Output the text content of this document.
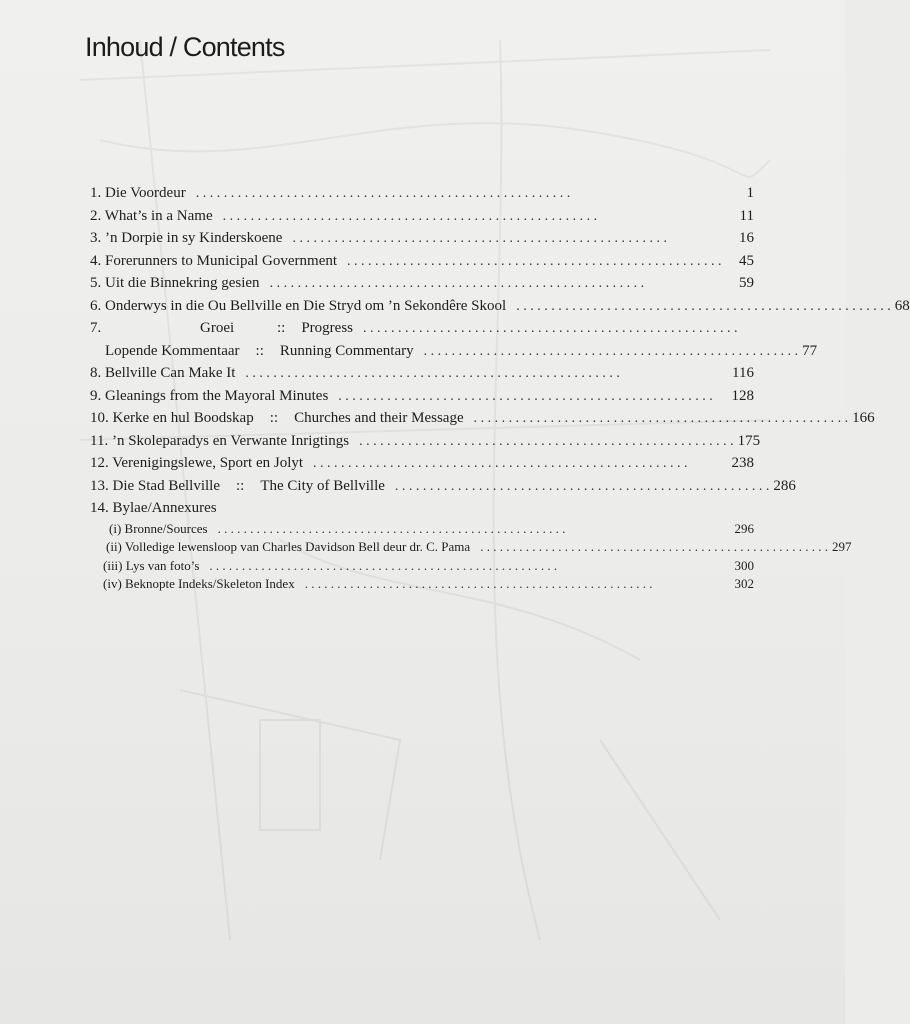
Inhoud / Contents
1. Die Voordeur . . . . . . . . . . . . . . . . . . . . . . . . . . . . . . . . . . . . . . . . . . . . . . . . . . . . . .	1
2. What’s in a Name . . . . . . . . . . . . . . . . . . . . . . . . . . . . . . . . . . . . . . . . . . . . . . . . . . . . . .	11
3. ’n Dorpie in sy Kinderskoene . . . . . . . . . . . . . . . . . . . . . . . . . . . . . . . . . . . . . . . . . . . . . . . . . . . . . .	16
4. Forerunners to Municipal Government . . . . . . . . . . . . . . . . . . . . . . . . . . . . . . . . . . . . . . . . . . . . . . . . . . . . . .	45
5. Uit die Binnekring gesien . . . . . . . . . . . . . . . . . . . . . . . . . . . . . . . . . . . . . . . . . . . . . . . . . . . . . .	59
6. Onderwys in die Ou Bellville en Die Stryd om ’n Sekondêre Skool . . . . . . . . . . . . . . . . . . . . . . . . . . . . . . . . . . . . . . . . . . . . . . . . . . . . . . 68
7.	Groei	:: Progress . . . . . . . . . . . . . . . . . . . . . . . . . . . . . . . . . . . . . . . . . . . . . . . . . . . . . .
Lopende Kommentaar :: Running Commentary . . . . . . . . . . . . . . . . . . . . . . . . . . . . . . . . . . . . . . . . . . . . . . . . . . . . . . 77
8. Bellville Can Make It . . . . . . . . . . . . . . . . . . . . . . . . . . . . . . . . . . . . . . . . . . . . . . . . . . . . . .	116
9. Gleanings from the Mayoral Minutes . . . . . . . . . . . . . . . . . . . . . . . . . . . . . . . . . . . . . . . . . . . . . . . . . . . . . .	128
10. Kerke en hul Boodskap :: Churches and their Message . . . . . . . . . . . . . . . . . . . . . . . . . . . . . . . . . . . . . . . . . . . . . . . . . . . . . . 166
11. ’n Skoleparadys en Verwante Inrigtings . . . . . . . . . . . . . . . . . . . . . . . . . . . . . . . . . . . . . . . . . . . . . . . . . . . . . . 175
12. Verenigingslewe, Sport en Jolyt . . . . . . . . . . . . . . . . . . . . . . . . . . . . . . . . . . . . . . . . . . . . . . . . . . . . . .	238
13. Die Stad Bellville :: The City of Bellville . . . . . . . . . . . . . . . . . . . . . . . . . . . . . . . . . . . . . . . . . . . . . . . . . . . . . . 286
14. Bylae/Annexures
(i) Bronne/Sources . . . . . . . . . . . . . . . . . . . . . . . . . . . . . . . . . . . . . . . . . . . . . . . . . . . . . .	296
(ii) Volledige lewensloop van Charles Davidson Bell deur dr. C. Pama . . . . . . . . . . . . . . . . . . . . . . . . . . . . . . . . . . . . . . . . . . . . . . . . . . . . . . 297
(iii) Lys van foto’s . . . . . . . . . . . . . . . . . . . . . . . . . . . . . . . . . . . . . . . . . . . . . . . . . . . . . .	300
(iv) Beknopte Indeks/Skeleton Index . . . . . . . . . . . . . . . . . . . . . . . . . . . . . . . . . . . . . . . . . . . . . . . . . . . . . .	302
